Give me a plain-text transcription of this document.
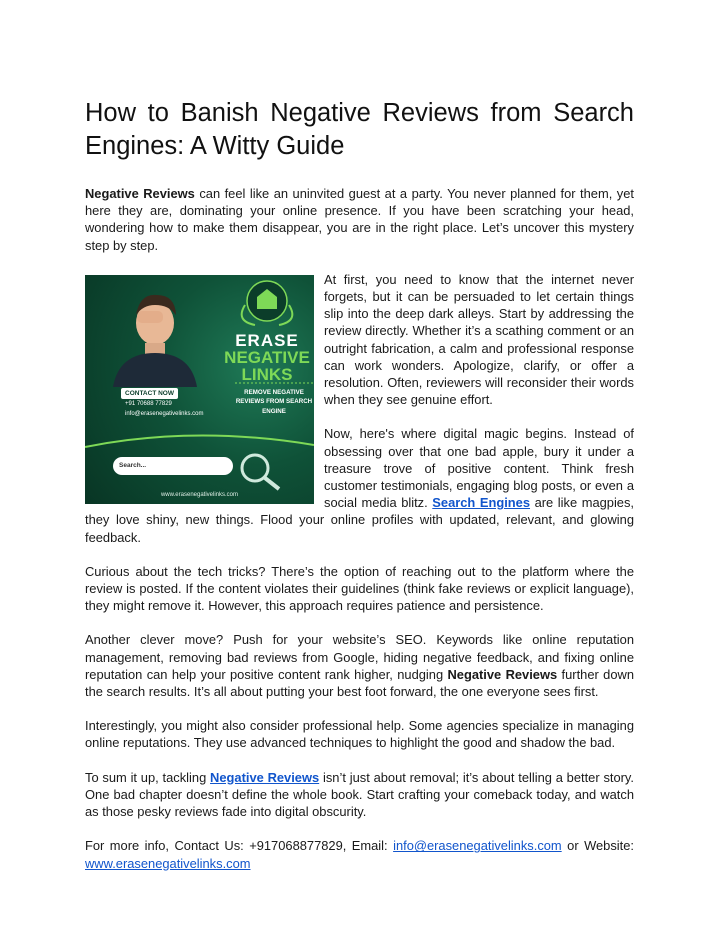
How to Banish Negative Reviews from Search Engines: A Witty Guide

Negative Reviews can feel like an uninvited guest at a party. You never planned for them, yet here they are, dominating your online presence. If you have been scratching your head, wondering how to make them disappear, you are in the right place. Let’s uncover this mystery step by step.

ERASE
NEGATIVE LINKS
CONTACT NOW
+91 70688 77829
info@erasenegativelinks.com
REMOVE NEGATIVE REVIEWS FROM SEARCH ENGINE
Search...
www.erasenegativelinks.com

At first, you need to know that the internet never forgets, but it can be persuaded to let certain things slip into the deep dark alleys. Start by addressing the review directly. Whether it’s a scathing comment or an outright fabrication, a calm and professional response can work wonders. Apologize, clarify, or offer a resolution. Often, reviewers will reconsider their words when they see genuine effort.

Now, here's where digital magic begins. Instead of obsessing over that one bad apple, bury it under a treasure trove of positive content. Think fresh customer testimonials, engaging blog posts, or even a social media blitz. Search Engines are like magpies, they love shiny, new things. Flood your online profiles with updated, relevant, and glowing feedback.

Curious about the tech tricks? There’s the option of reaching out to the platform where the review is posted. If the content violates their guidelines (think fake reviews or explicit language), they might remove it. However, this approach requires patience and persistence.

Another clever move? Push for your website’s SEO. Keywords like online reputation management, removing bad reviews from Google, hiding negative feedback, and fixing online reputation can help your positive content rank higher, nudging Negative Reviews further down the search results. It’s all about putting your best foot forward, the one everyone sees first.

Interestingly, you might also consider professional help. Some agencies specialize in managing online reputations. They use advanced techniques to highlight the good and shadow the bad.

To sum it up, tackling Negative Reviews isn’t just about removal; it’s about telling a better story. One bad chapter doesn’t define the whole book. Start crafting your comeback today, and watch as those pesky reviews fade into digital obscurity.

For more info, Contact Us: +917068877829, Email: info@erasenegativelinks.com or Website: www.erasenegativelinks.com
